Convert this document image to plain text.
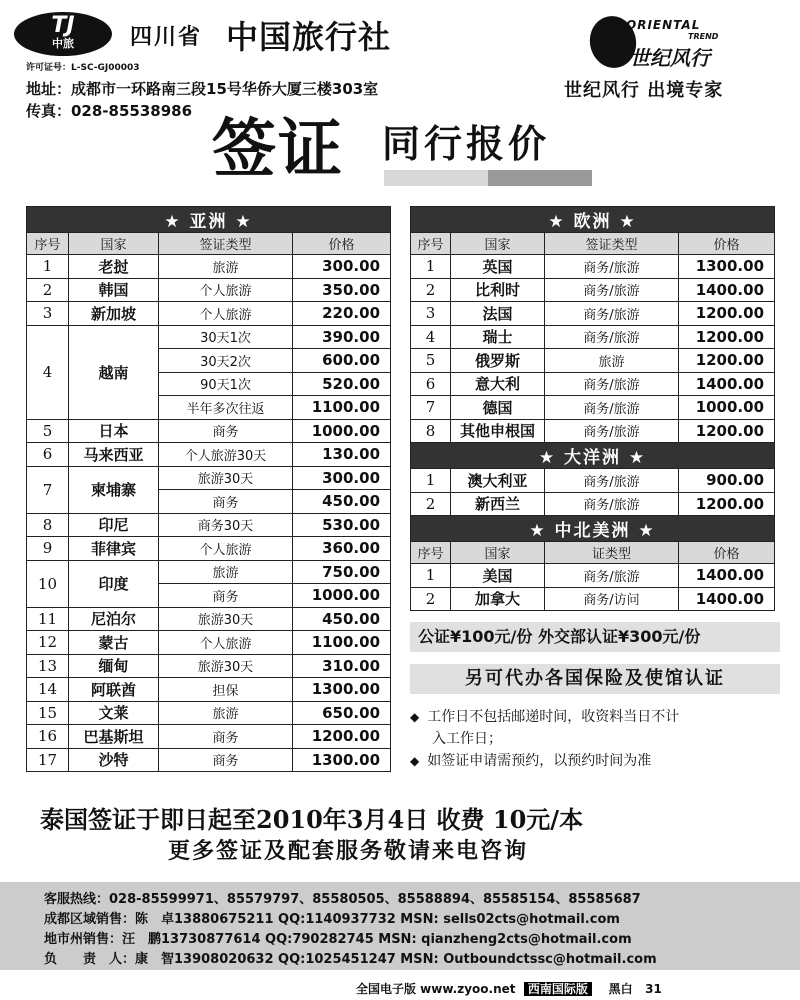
TJ
中旅	四川省 中国旅行社
许可证号：L-SC-GJ00003
地址：成都市一环路南三段15号华侨大厦三楼303室
传真：028-85538986
ORIENTAL
TREND
世纪风行
世纪风行 出境专家
签证 同行报价
★ 亚洲 ★			
序号	国家	签证类型	价格
1	老挝	旅游	300.00
2	韩国	个人旅游	350.00
3	新加坡	个人旅游	220.00
4	越南	30天1次	390.00
		30天2次	600.00
		90天1次	520.00
		半年多次往返	1100.00
5	日本	商务	1000.00
6	马来西亚	个人旅游30天	130.00
7	柬埔寨	旅游30天	300.00
		商务	450.00
8	印尼	商务30天	530.00
9	菲律宾	个人旅游	360.00
10	印度	旅游	750.00
		商务	1000.00
11	尼泊尔	旅游30天	450.00
12	蒙古	个人旅游	1100.00
13	缅甸	旅游30天	310.00
14	阿联酋	担保	1300.00
15	文莱	旅游	650.00
16	巴基斯坦	商务	1200.00
17	沙特	商务	1300.00
★ 欧洲 ★			
序号	国家	签证类型	价格
1	英国	商务/旅游	1300.00
2	比利时	商务/旅游	1400.00
3	法国	商务/旅游	1200.00
4	瑞士	商务/旅游	1200.00
5	俄罗斯	旅游	1200.00
6	意大利	商务/旅游	1400.00
7	德国	商务/旅游	1000.00
8	其他申根国	商务/旅游	1200.00
★ 大洋洲 ★			
1	澳大利亚	商务/旅游	900.00
2	新西兰	商务/旅游	1200.00
★ 中北美洲 ★			
序号	国家	证类型	价格
1	美国	商务/旅游	1400.00
2	加拿大	商务/访问	1400.00
公证¥100元/份 外交部认证¥300元/份
另可代办各国保险及使馆认证
◆ 工作日不包括邮递时间，收资料当日不计
入工作日；
◆ 如签证申请需预约，以预约时间为准
泰国签证于即日起至2010年3月4日 收费 10元/本
更多签证及配套服务敬请来电咨询
客服热线：028-85599971、85579797、85580505、85588894、85585154、85585687
成都区域销售：陈　卓13880675211 QQ:1140937732 MSN: sells02cts@hotmail.com
地市州销售：汪　鹏13730877614 QQ:790282745 MSN: qianzheng2cts@hotmail.com
负　　责　人：康　智13908020632 QQ:1025451247 MSN: Outboundctssc@hotmail.com
全国电子版 www.zyoo.net 西南国际版 黑白 31
